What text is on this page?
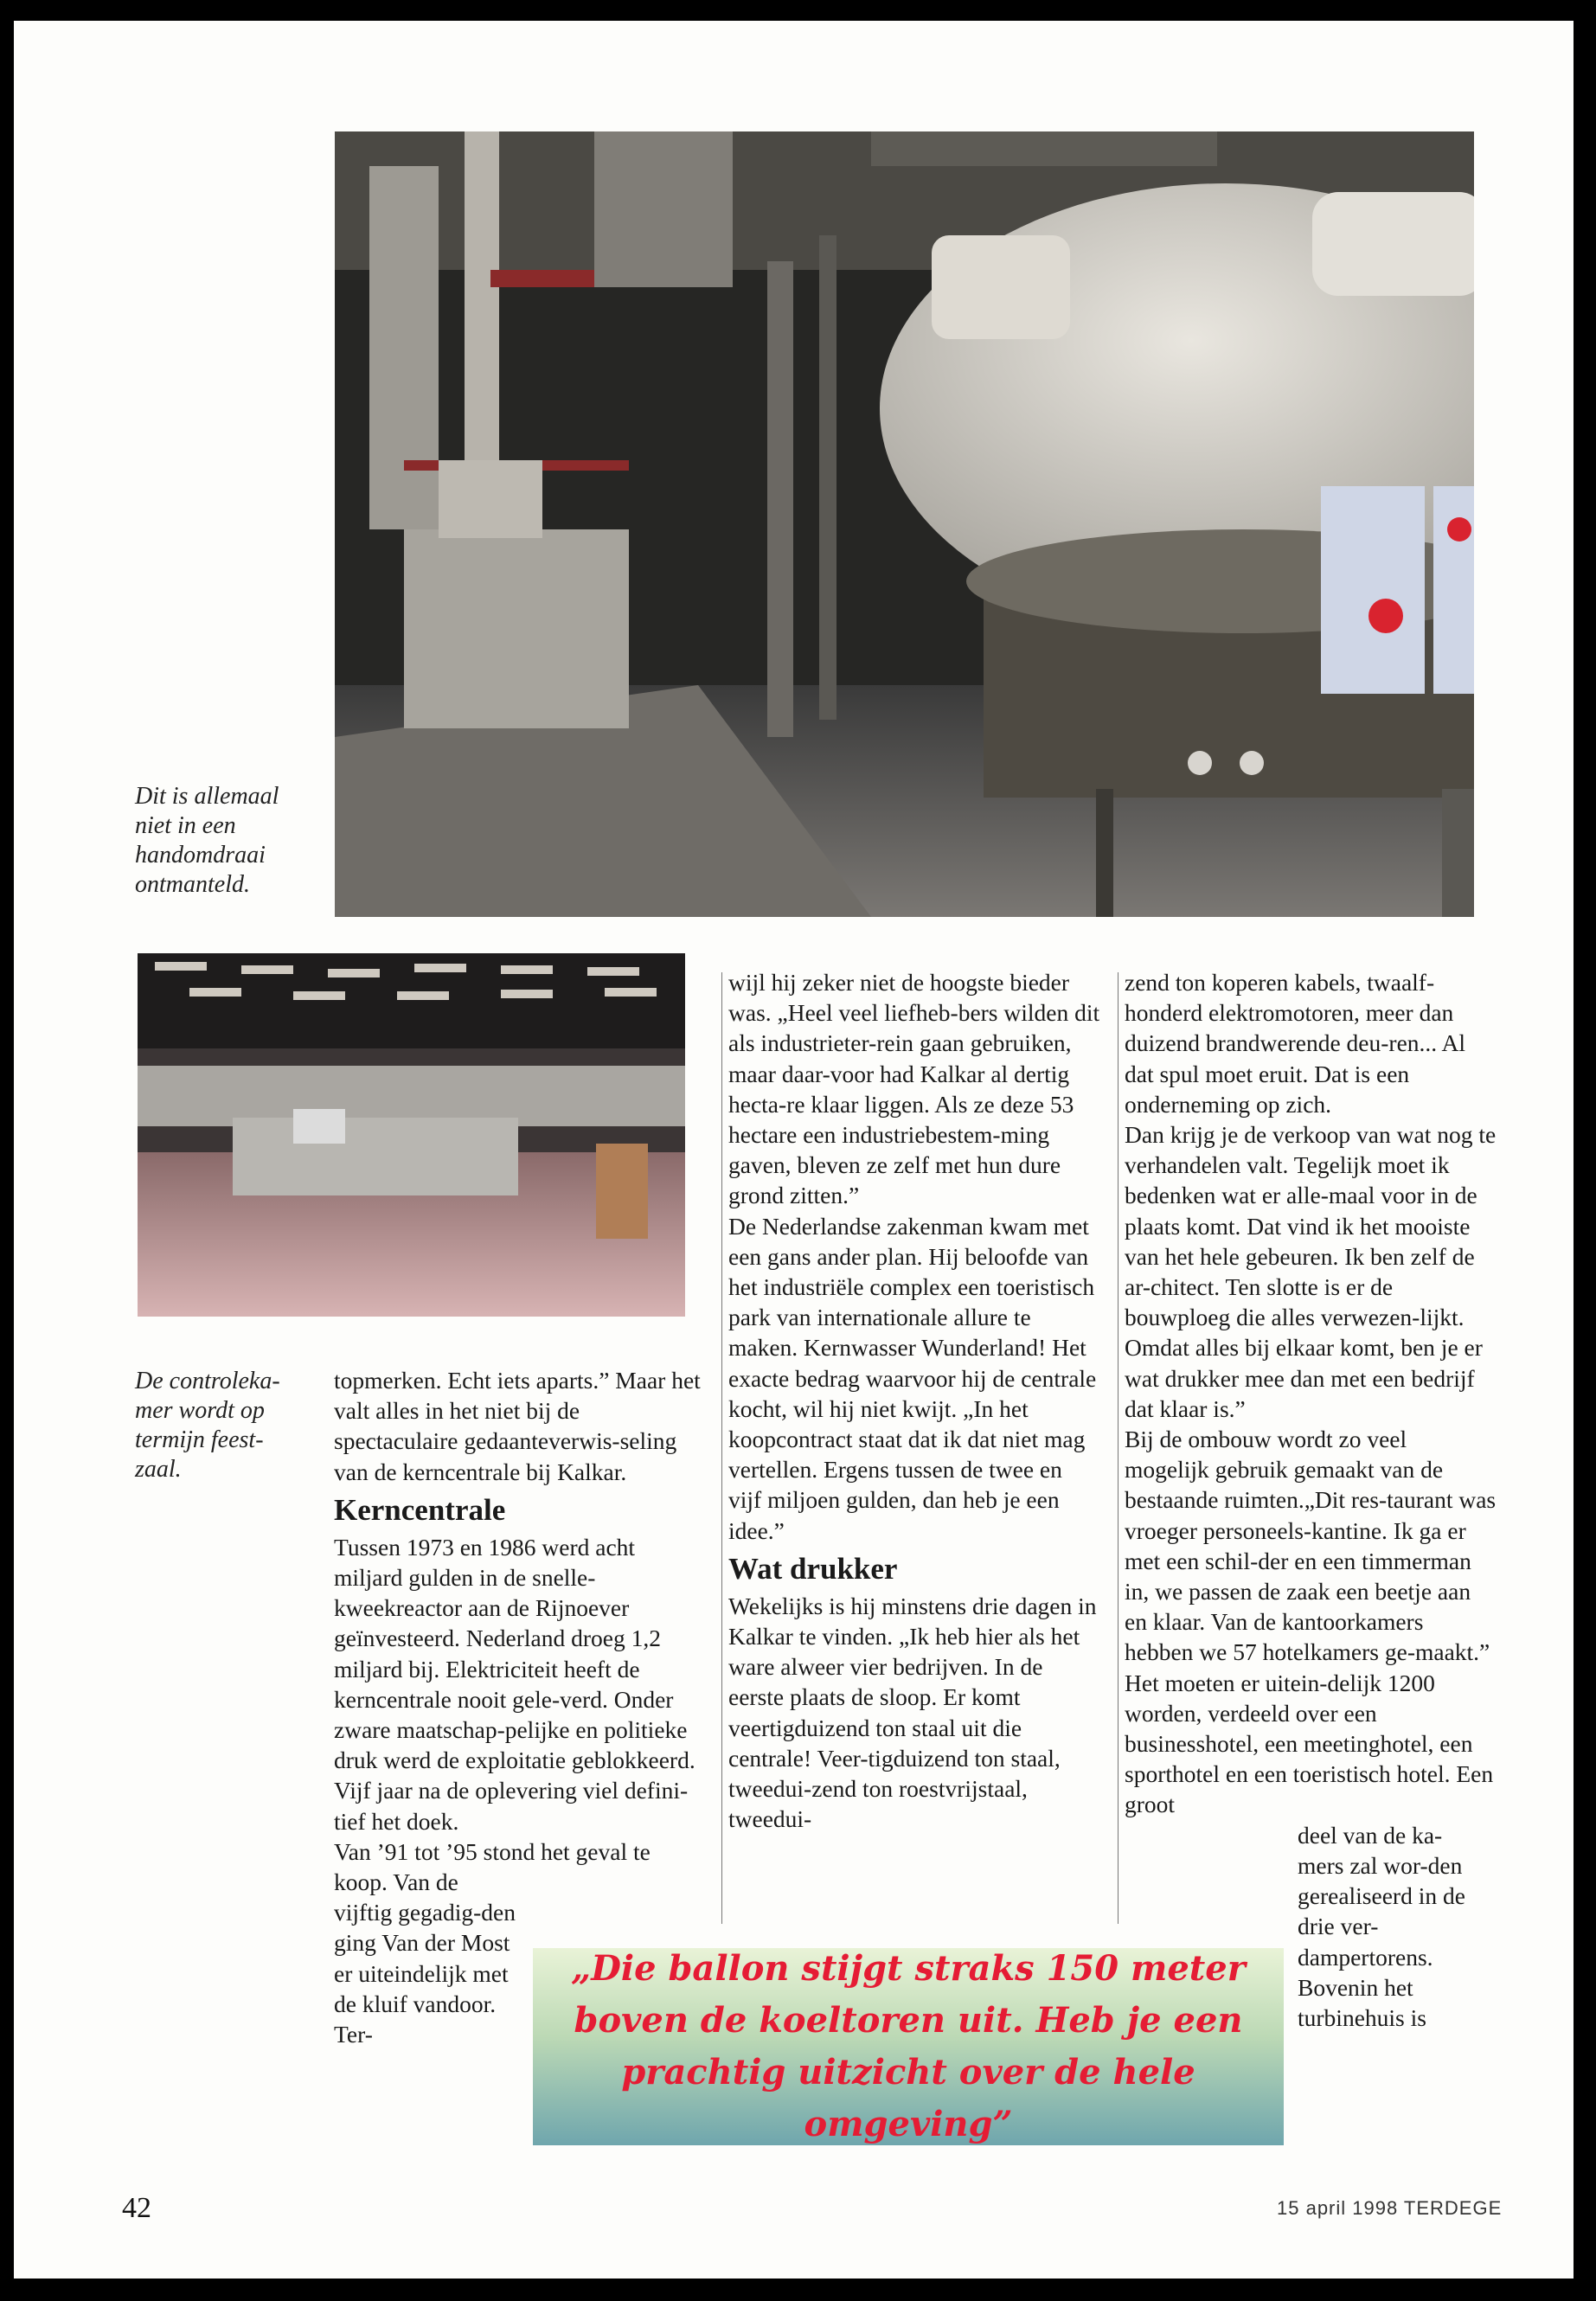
Dit is allemaal niet in een handomdraai ontmanteld.
De controleka-mer wordt op termijn feest-zaal.

topmerken. Echt iets aparts.” Maar het valt alles in het niet bij de spectaculaire gedaanteverwis-seling van de kerncentrale bij Kalkar.

Kerncentrale

Tussen 1973 en 1986 werd acht miljard gulden in de snelle-kweekreactor aan de Rijnoever geïnvesteerd. Nederland droeg 1,2 miljard bij. Elektriciteit heeft de kerncentrale nooit gele-verd. Onder zware maatschap-pelijke en politieke druk werd de exploitatie geblokkeerd. Vijf jaar na de oplevering viel defini-tief het doek.

Van ’91 tot ’95 stond het geval te koop. Van de

vijftig gegadig-den ging Van der Most er uiteindelijk met de kluif vandoor. Ter-

wijl hij zeker niet de hoogste bieder was. „Heel veel liefheb-bers wilden dit als industrieter-rein gaan gebruiken, maar daar-voor had Kalkar al dertig hecta-re klaar liggen. Als ze deze 53 hectare een industriebestem-ming gaven, bleven ze zelf met hun dure grond zitten.”

De Nederlandse zakenman kwam met een gans ander plan. Hij beloofde van het industriële complex een toeristisch park van internationale allure te maken. Kernwasser Wunderland! Het exacte bedrag waarvoor hij de centrale kocht, wil hij niet kwijt. „In het koopcontract staat dat ik dat niet mag vertellen. Ergens tussen de twee en vijf miljoen gulden, dan heb je een idee.”

Wat drukker

Wekelijks is hij minstens drie dagen in Kalkar te vinden. „Ik heb hier als het ware alweer vier bedrijven. In de eerste plaats de sloop. Er komt veertigduizend ton staal uit die centrale! Veer-tigduizend ton staal, tweedui-zend ton roestvrijstaal, tweedui-

zend ton koperen kabels, twaalf-honderd elektromotoren, meer dan duizend brandwerende deu-ren... Al dat spul moet eruit. Dat is een onderneming op zich.

Dan krijg je de verkoop van wat nog te verhandelen valt. Tegelijk moet ik bedenken wat er alle-maal voor in de plaats komt. Dat vind ik het mooiste van het hele gebeuren. Ik ben zelf de ar-chitect. Ten slotte is er de bouwploeg die alles verwezen-lijkt. Omdat alles bij elkaar komt, ben je er wat drukker mee dan met een bedrijf dat klaar is.”

Bij de ombouw wordt zo veel mogelijk gebruik gemaakt van de bestaande ruimten.„Dit res-taurant was vroeger personeels-kantine. Ik ga er met een schil-der en een timmerman in, we passen de zaak een beetje aan en klaar. Van de kantoorkamers hebben we 57 hotelkamers ge-maakt.” Het moeten er uitein-delijk 1200 worden, verdeeld over een businesshotel, een meetinghotel, een sporthotel en een toeristisch hotel. Een groot

deel van de ka-mers zal wor-den gerealiseerd in de drie ver-dampertorens. Bovenin het turbinehuis is

„Die ballon stijgt straks 150 meter boven de koeltoren uit. Heb je een prachtig uitzicht over de hele omgeving”
42	15 april 1998 TERDEGE
